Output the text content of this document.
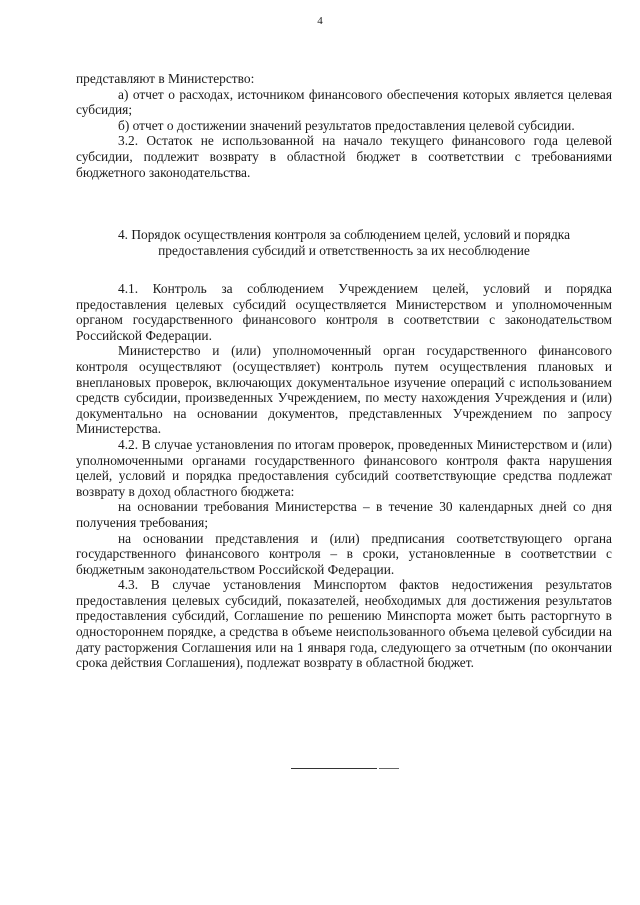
4

представляют в Министерство:

а) отчет о расходах, источником финансового обеспечения которых является целевая субсидия;

б) отчет о достижении значений результатов предоставления целевой субсидии.

3.2. Остаток не использованной на начало текущего финансового года целевой субсидии, подлежит возврату в областной бюджет в соответствии с требованиями бюджетного законодательства.

4. Порядок осуществления контроля за соблюдением целей, условий и порядка

предоставления субсидий и ответственность за их несоблюдение

4.1. Контроль за соблюдением Учреждением целей, условий и порядка предоставления целевых субсидий осуществляется Министерством и уполномоченным органом государственного финансового контроля в соответствии с законодательством Российской Федерации.

Министерство и (или) уполномоченный орган государственного финансового контроля осуществляют (осуществляет) контроль путем осуществления плановых и внеплановых проверок, включающих документальное изучение операций с использованием средств субсидии, произведенных Учреждением, по месту нахождения Учреждения и (или) документально на основании документов, представленных Учреждением по запросу Министерства.

4.2. В случае установления по итогам проверок, проведенных Министерством и (или) уполномоченными органами государственного финансового контроля факта нарушения целей, условий и порядка предоставления субсидий соответствующие средства подлежат возврату в доход областного бюджета:

на основании требования Министерства – в течение 30 календарных дней со дня получения требования;

на основании представления и (или) предписания соответствующего органа государственного финансового контроля – в сроки, установленные в соответствии с бюджетным законодательством Российской Федерации.

4.3. В случае установления Минспортом фактов недостижения результатов предоставления целевых субсидий, показателей, необходимых для достижения результатов предоставления субсидий, Соглашение по решению Минспорта может быть расторгнуто в одностороннем порядке, а средства в объеме неиспользованного объема целевой субсидии на дату расторжения Соглашения или на 1 января года, следующего за отчетным (по окончании срока действия Соглашения), подлежат возврату в областной бюджет.
